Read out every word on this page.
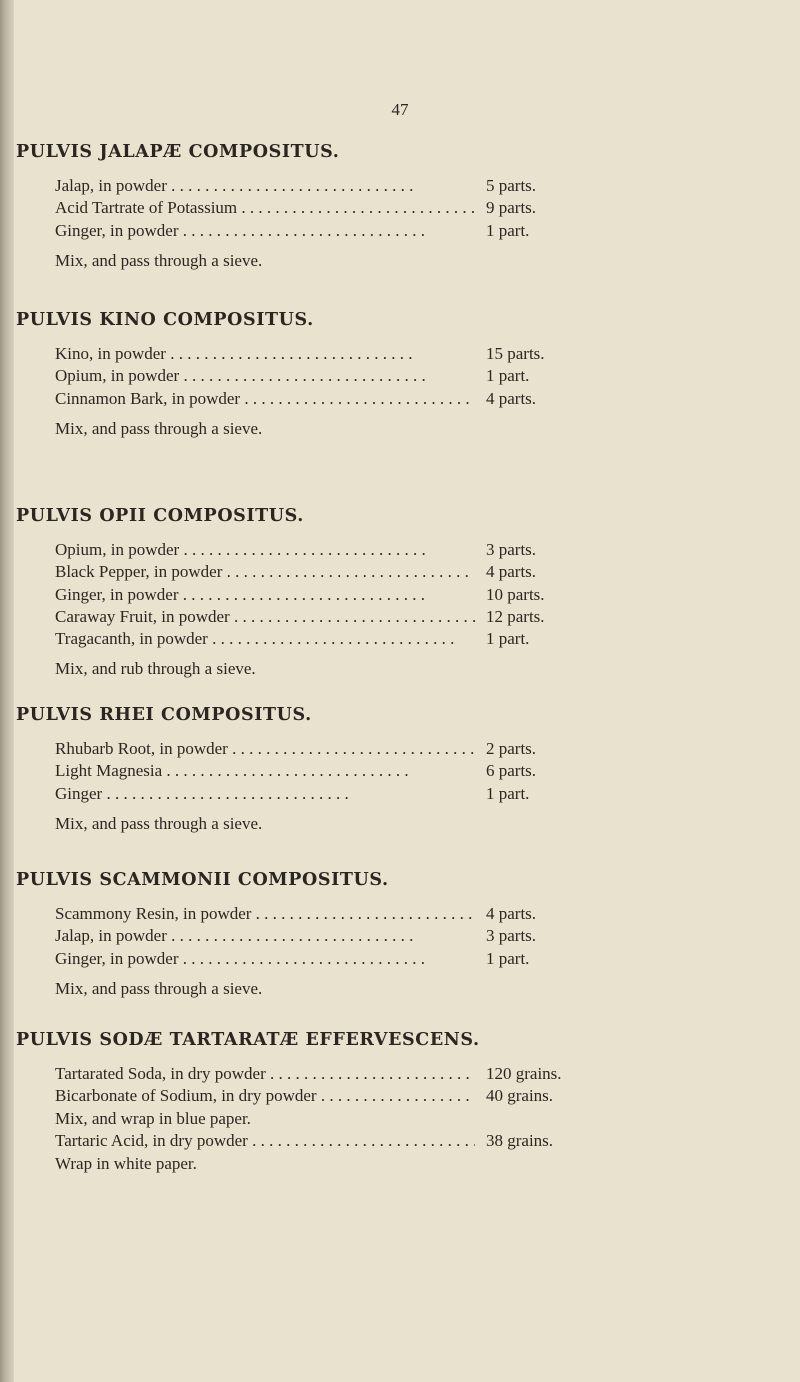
47
PULVIS JALAPÆ COMPOSITUS.
Jalap, in powder . .	5 parts.
Acid Tartrate of Potassium . .	9 parts.
Ginger, in powder . .	1 part.
Mix, and pass through a sieve.
PULVIS KINO COMPOSITUS.
Kino, in powder . .	15 parts.
Opium, in powder . .	1 part.
Cinnamon Bark, in powder . .	4 parts.
Mix, and pass through a sieve.
PULVIS OPII COMPOSITUS.
Opium, in powder . .	3 parts.
Black Pepper, in powder . .	4 parts.
Ginger, in powder . .	10 parts.
Caraway Fruit, in powder . .	12 parts.
Tragacanth, in powder . .	1 part.
Mix, and rub through a sieve.
PULVIS RHEI COMPOSITUS.
Rhubarb Root, in powder . .	2 parts.
Light Magnesia . .	6 parts.
Ginger . .	1 part.
Mix, and pass through a sieve.
PULVIS SCAMMONII COMPOSITUS.
Scammony Resin, in powder . .	4 parts.
Jalap, in powder . .	3 parts.
Ginger, in powder . .	1 part.
Mix, and pass through a sieve.
PULVIS SODÆ TARTARATÆ EFFERVESCENS.
Tartarated Soda, in dry powder . .	120 grains.
Bicarbonate of Sodium, in dry powder . .	40 grains.
Mix, and wrap in blue paper.
Tartaric Acid, in dry powder . .	38 grains.
Wrap in white paper.
